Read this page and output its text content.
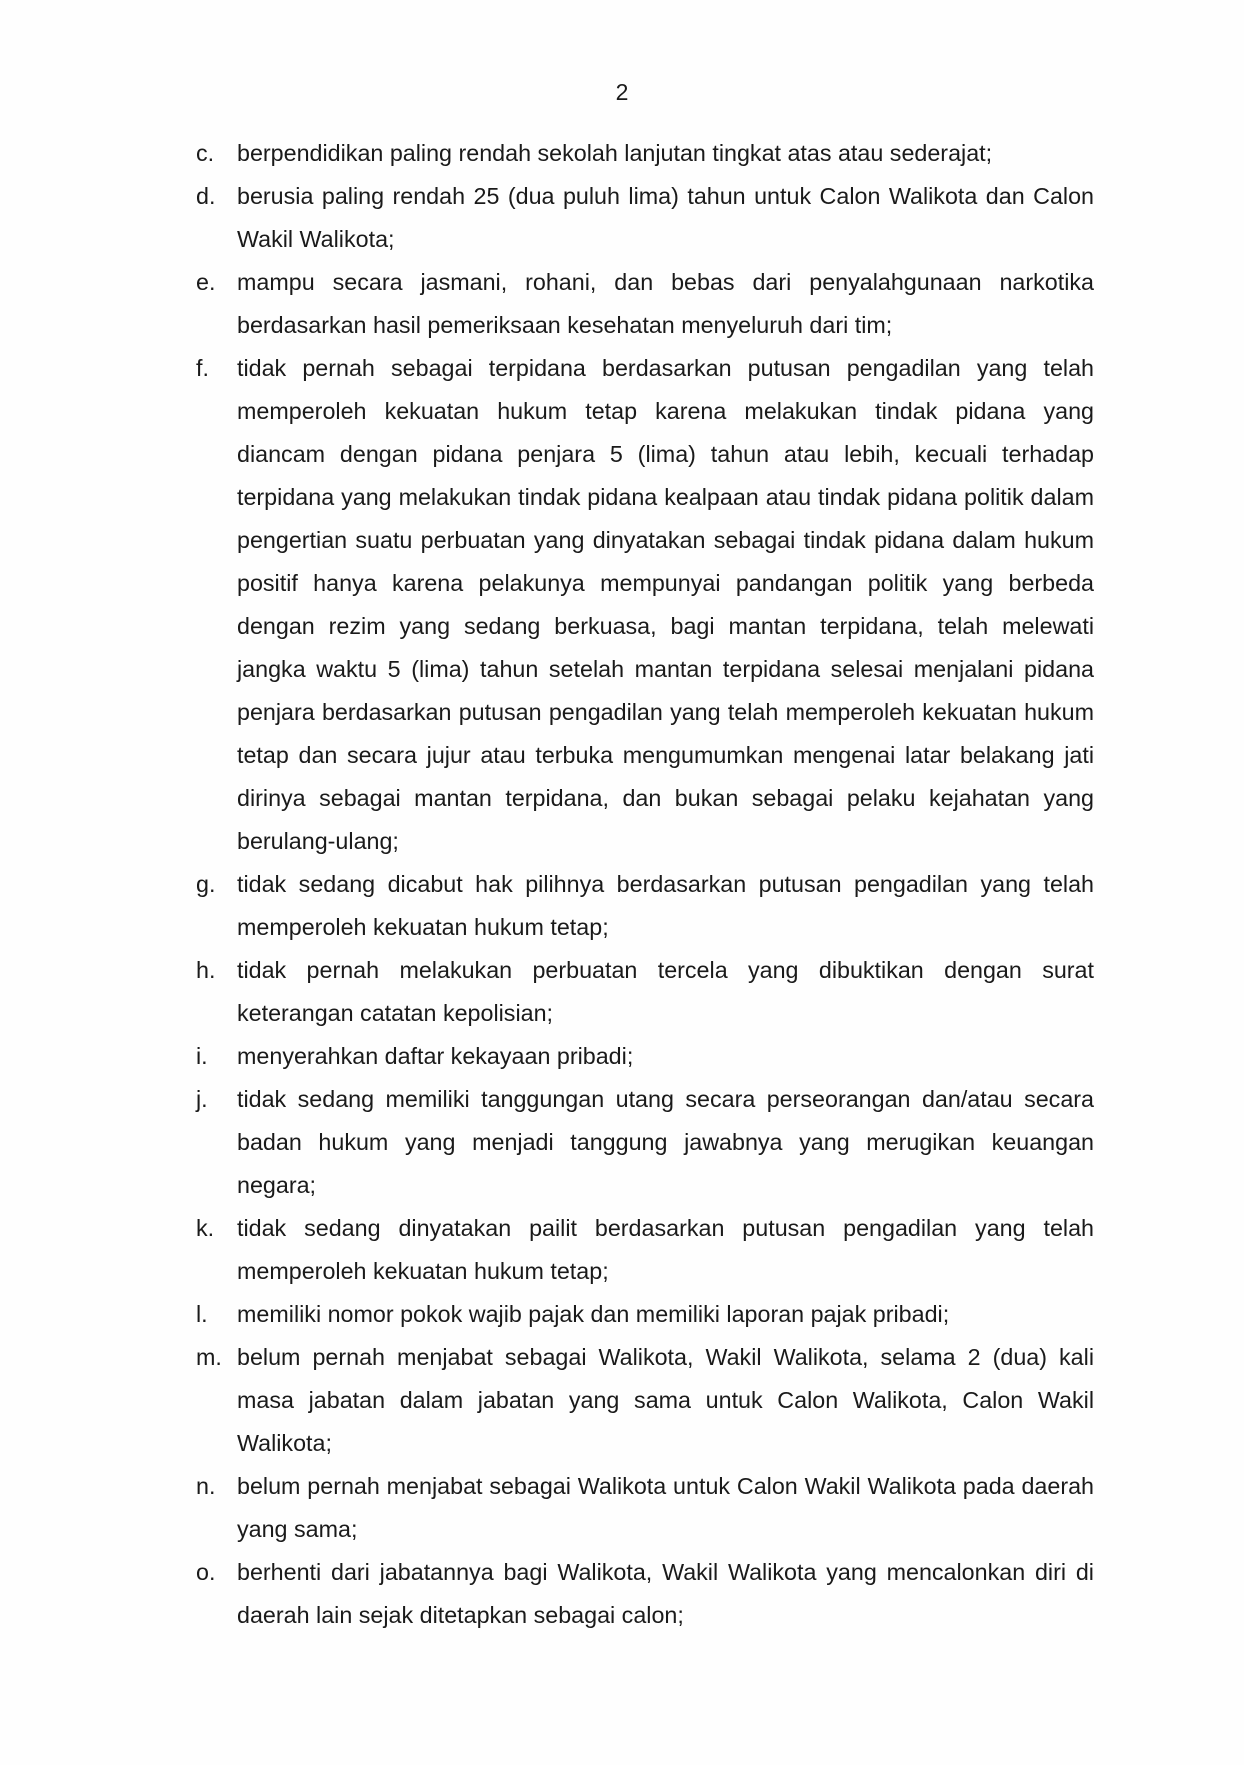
2
c. berpendidikan paling rendah sekolah lanjutan tingkat atas atau sederajat;
d. berusia paling rendah 25 (dua puluh lima) tahun untuk Calon Walikota dan Calon Wakil Walikota;
e. mampu secara jasmani, rohani, dan bebas dari penyalahgunaan narkotika berdasarkan hasil pemeriksaan kesehatan menyeluruh dari tim;
f.	tidak pernah sebagai terpidana berdasarkan putusan pengadilan yang telah memperoleh kekuatan hukum tetap karena melakukan tindak pidana yang diancam dengan pidana penjara 5 (lima) tahun atau lebih, kecuali terhadap terpidana yang melakukan tindak pidana kealpaan atau tindak pidana politik dalam pengertian suatu perbuatan yang dinyatakan sebagai tindak pidana dalam hukum positif hanya karena pelakunya mempunyai pandangan politik yang berbeda dengan rezim yang sedang berkuasa, bagi mantan terpidana, telah melewati jangka waktu 5 (lima) tahun setelah mantan terpidana selesai menjalani pidana penjara berdasarkan putusan pengadilan yang telah memperoleh kekuatan hukum tetap dan secara jujur atau terbuka mengumumkan mengenai latar belakang jati dirinya sebagai mantan terpidana, dan bukan sebagai pelaku kejahatan yang berulang-ulang;
g. tidak sedang dicabut hak pilihnya berdasarkan putusan pengadilan yang telah memperoleh kekuatan hukum tetap;
h. tidak pernah melakukan perbuatan tercela yang dibuktikan dengan surat keterangan catatan kepolisian;
i.	menyerahkan daftar kekayaan pribadi;
j.	tidak sedang memiliki tanggungan utang secara perseorangan dan/atau secara badan hukum yang menjadi tanggung jawabnya yang merugikan keuangan negara;
k. tidak sedang dinyatakan pailit berdasarkan putusan pengadilan yang telah memperoleh kekuatan hukum tetap;
l.	memiliki nomor pokok wajib pajak dan memiliki laporan pajak pribadi;
m. belum pernah menjabat sebagai Walikota, Wakil Walikota, selama 2 (dua) kali masa jabatan dalam jabatan yang sama untuk Calon Walikota, Calon Wakil Walikota;
n. belum pernah menjabat sebagai Walikota untuk Calon Wakil Walikota pada daerah yang sama;
o. berhenti dari jabatannya bagi Walikota, Wakil Walikota yang mencalonkan diri di daerah lain sejak ditetapkan sebagai calon;
